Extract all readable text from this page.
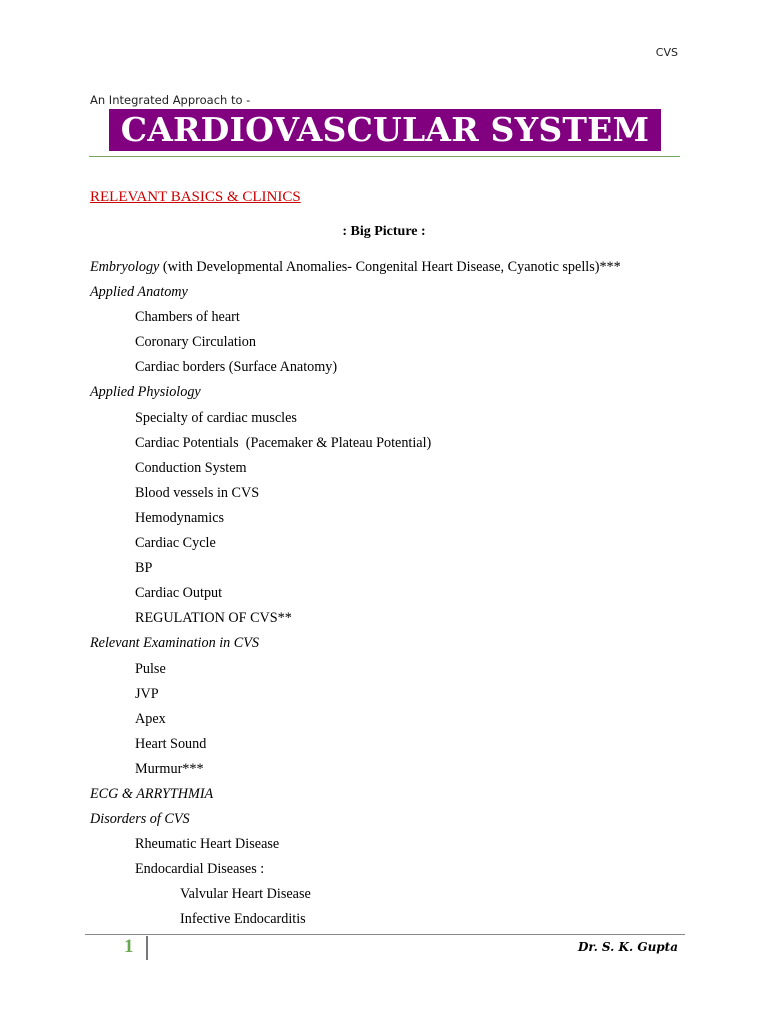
CVS
An Integrated Approach to -
CARDIOVASCULAR SYSTEM
RELEVANT BASICS & CLINICS
: Big Picture :
Embryology (with Developmental Anomalies- Congenital Heart Disease, Cyanotic spells)***
Applied Anatomy
Chambers of heart
Coronary Circulation
Cardiac borders (Surface Anatomy)
Applied Physiology
Specialty of cardiac muscles
Cardiac Potentials  (Pacemaker & Plateau Potential)
Conduction System
Blood vessels in CVS
Hemodynamics
Cardiac Cycle
BP
Cardiac Output
REGULATION OF CVS**
Relevant Examination in CVS
Pulse
JVP
Apex
Heart Sound
Murmur***
ECG & ARRYTHMIA
Disorders of CVS
Rheumatic Heart Disease
Endocardial Diseases :
Valvular Heart Disease
Infective Endocarditis
1	Dr. S. K. Gupta
